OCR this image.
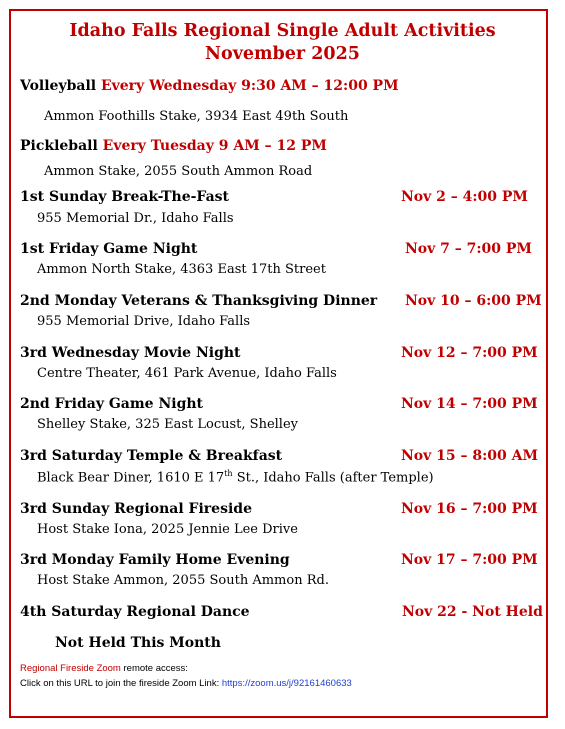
Idaho Falls Regional Single Adult Activities
November 2025
Volleyball Every Wednesday 9:30 AM – 12:00 PM
Ammon Foothills Stake, 3934 East 49th South
Pickleball Every Tuesday 9 AM – 12 PM
Ammon Stake, 2055 South Ammon Road
1st Sunday Break-The-Fast	Nov 2 – 4:00 PM
955 Memorial Dr., Idaho Falls
1st Friday Game Night	Nov 7 – 7:00 PM
Ammon North Stake, 4363 East 17th Street
2nd Monday Veterans & Thanksgiving Dinner Nov 10 – 6:00 PM
955 Memorial Drive, Idaho Falls
3rd Wednesday Movie Night	Nov 12 – 7:00 PM
Centre Theater, 461 Park Avenue, Idaho Falls
2nd Friday Game Night	Nov 14 – 7:00 PM
Shelley Stake, 325 East Locust, Shelley
3rd Saturday Temple & Breakfast	Nov 15 – 8:00 AM
Black Bear Diner, 1610 E 17th St., Idaho Falls (after Temple)
3rd Sunday Regional Fireside	Nov 16 – 7:00 PM
Host Stake Iona, 2025 Jennie Lee Drive
3rd Monday Family Home Evening	Nov 17 – 7:00 PM
Host Stake Ammon, 2055 South Ammon Rd.
4th Saturday Regional Dance	Nov 22 - Not Held
Not Held This Month
Regional Fireside Zoom remote access:
Click on this URL to join the fireside Zoom Link: https://zoom.us/j/92161460633
